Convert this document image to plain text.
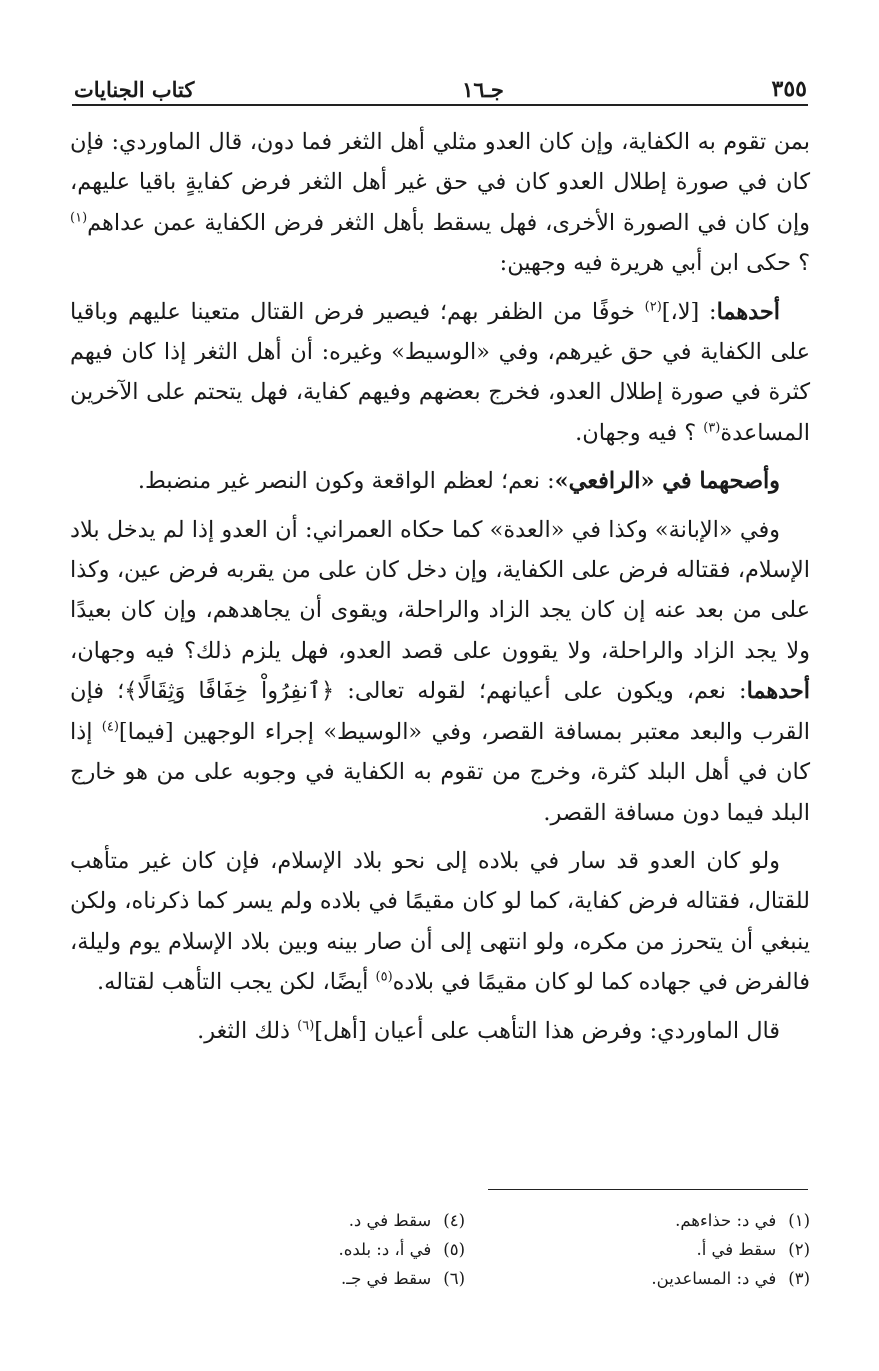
٣٥٥
جـ١٦
كتاب الجنايات

بمن تقوم به الكفاية، وإن كان العدو مثلي أهل الثغر فما دون، قال الماوردي: فإن كان في صورة إطلال العدو كان في حق غير أهل الثغر فرض كفايةٍ باقيا عليهم، وإن كان في الصورة الأخرى، فهل يسقط بأهل الثغر فرض الكفاية عمن عداهم$^{(١)}$ ؟ حكى ابن أبي هريرة فيه وجهين:

أحدهما: [لا،]$^{(٢)}$ خوفًا من الظفر بهم؛ فيصير فرض القتال متعينا عليهم وباقيا على الكفاية في حق غيرهم، وفي «الوسيط» وغيره: أن أهل الثغر إذا كان فيهم كثرة في صورة إطلال العدو، فخرج بعضهم وفيهم كفاية، فهل يتحتم على الآخرين المساعدة$^{(٣)}$ ؟ فيه وجهان.

وأصحهما في «الرافعي»: نعم؛ لعظم الواقعة وكون النصر غير منضبط.

وفي «الإبانة» وكذا في «العدة» كما حكاه العمراني: أن العدو إذا لم يدخل بلاد الإسلام، فقتاله فرض على الكفاية، وإن دخل كان على من يقربه فرض عين، وكذا على من بعد عنه إن كان يجد الزاد والراحلة، ويقوى أن يجاهدهم، وإن كان بعيدًا ولا يجد الزاد والراحلة، ولا يقوون على قصد العدو، فهل يلزم ذلك؟ فيه وجهان، أحدهما: نعم، ويكون على أعيانهم؛ لقوله تعالى: ﴿ٱنفِرُواْ خِفَافًا وَثِقَالًا﴾؛ فإن القرب والبعد معتبر بمسافة القصر، وفي «الوسيط» إجراء الوجهين [فيما]$^{(٤)}$ إذا كان في أهل البلد كثرة، وخرج من تقوم به الكفاية في وجوبه على من هو خارج البلد فيما دون مسافة القصر.

ولو كان العدو قد سار في بلاده إلى نحو بلاد الإسلام، فإن كان غير متأهب للقتال، فقتاله فرض كفاية، كما لو كان مقيمًا في بلاده ولم يسر كما ذكرناه، ولكن ينبغي أن يتحرز من مكره، ولو انتهى إلى أن صار بينه وبين بلاد الإسلام يوم وليلة، فالفرض في جهاده كما لو كان مقيمًا في بلاده$^{(٥)}$ أيضًا، لكن يجب التأهب لقتاله.

قال الماوردي: وفرض هذا التأهب على أعيان [أهل]$^{(٦)}$ ذلك الثغر.

(١)في د: حذاءهم.
(٢)سقط في أ.
(٣)في د: المساعدين.
(٤)سقط في د.
(٥)في أ، د: بلده.
(٦)سقط في جـ.
